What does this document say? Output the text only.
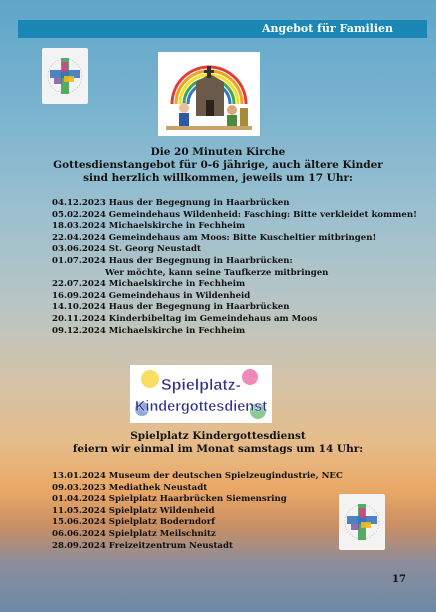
Angebot für Familien
Die 20 Minuten Kirche
Gottesdienstangebot für 0-6 jährige, auch ältere Kinder
sind herzlich willkommen, jeweils um 17 Uhr:
04.12.2023 Haus der Begegnung in Haarbrücken
05.02.2024 Gemeindehaus Wildenheid: Fasching: Bitte verkleidet kommen!
18.03.2024 Michaelskirche in Fechheim
22.04.2024 Gemeindehaus am Moos: Bitte Kuscheltier mitbringen!
03.06.2024 St. Georg Neustadt
01.07.2024 Haus der Begegnung in Haarbrücken:
Wer möchte, kann seine Taufkerze mitbringen
22.07.2024 Michaelskirche in Fechheim
16.09.2024 Gemeindehaus in Wildenheid
14.10.2024 Haus der Begegnung in Haarbrücken
20.11.2024 Kinderbibeltag im Gemeindehaus am Moos
09.12.2024 Michaelskirche in Fechheim
Spielplatz-
Kindergottesdienst
Spielplatz Kindergottesdienst
feiern wir einmal im Monat samstags um 14 Uhr:
13.01.2024 Museum der deutschen Spielzeugindustrie, NEC
09.03.2023 Mediathek Neustadt
01.04.2024 Spielplatz Haarbrücken Siemensring
11.05.2024 Spielplatz Wildenheid
15.06.2024 Spielplatz Boderndorf
06.06.2024 Spielplatz Meilschnitz
28.09.2024 Freizeitzentrum Neustadt
17
